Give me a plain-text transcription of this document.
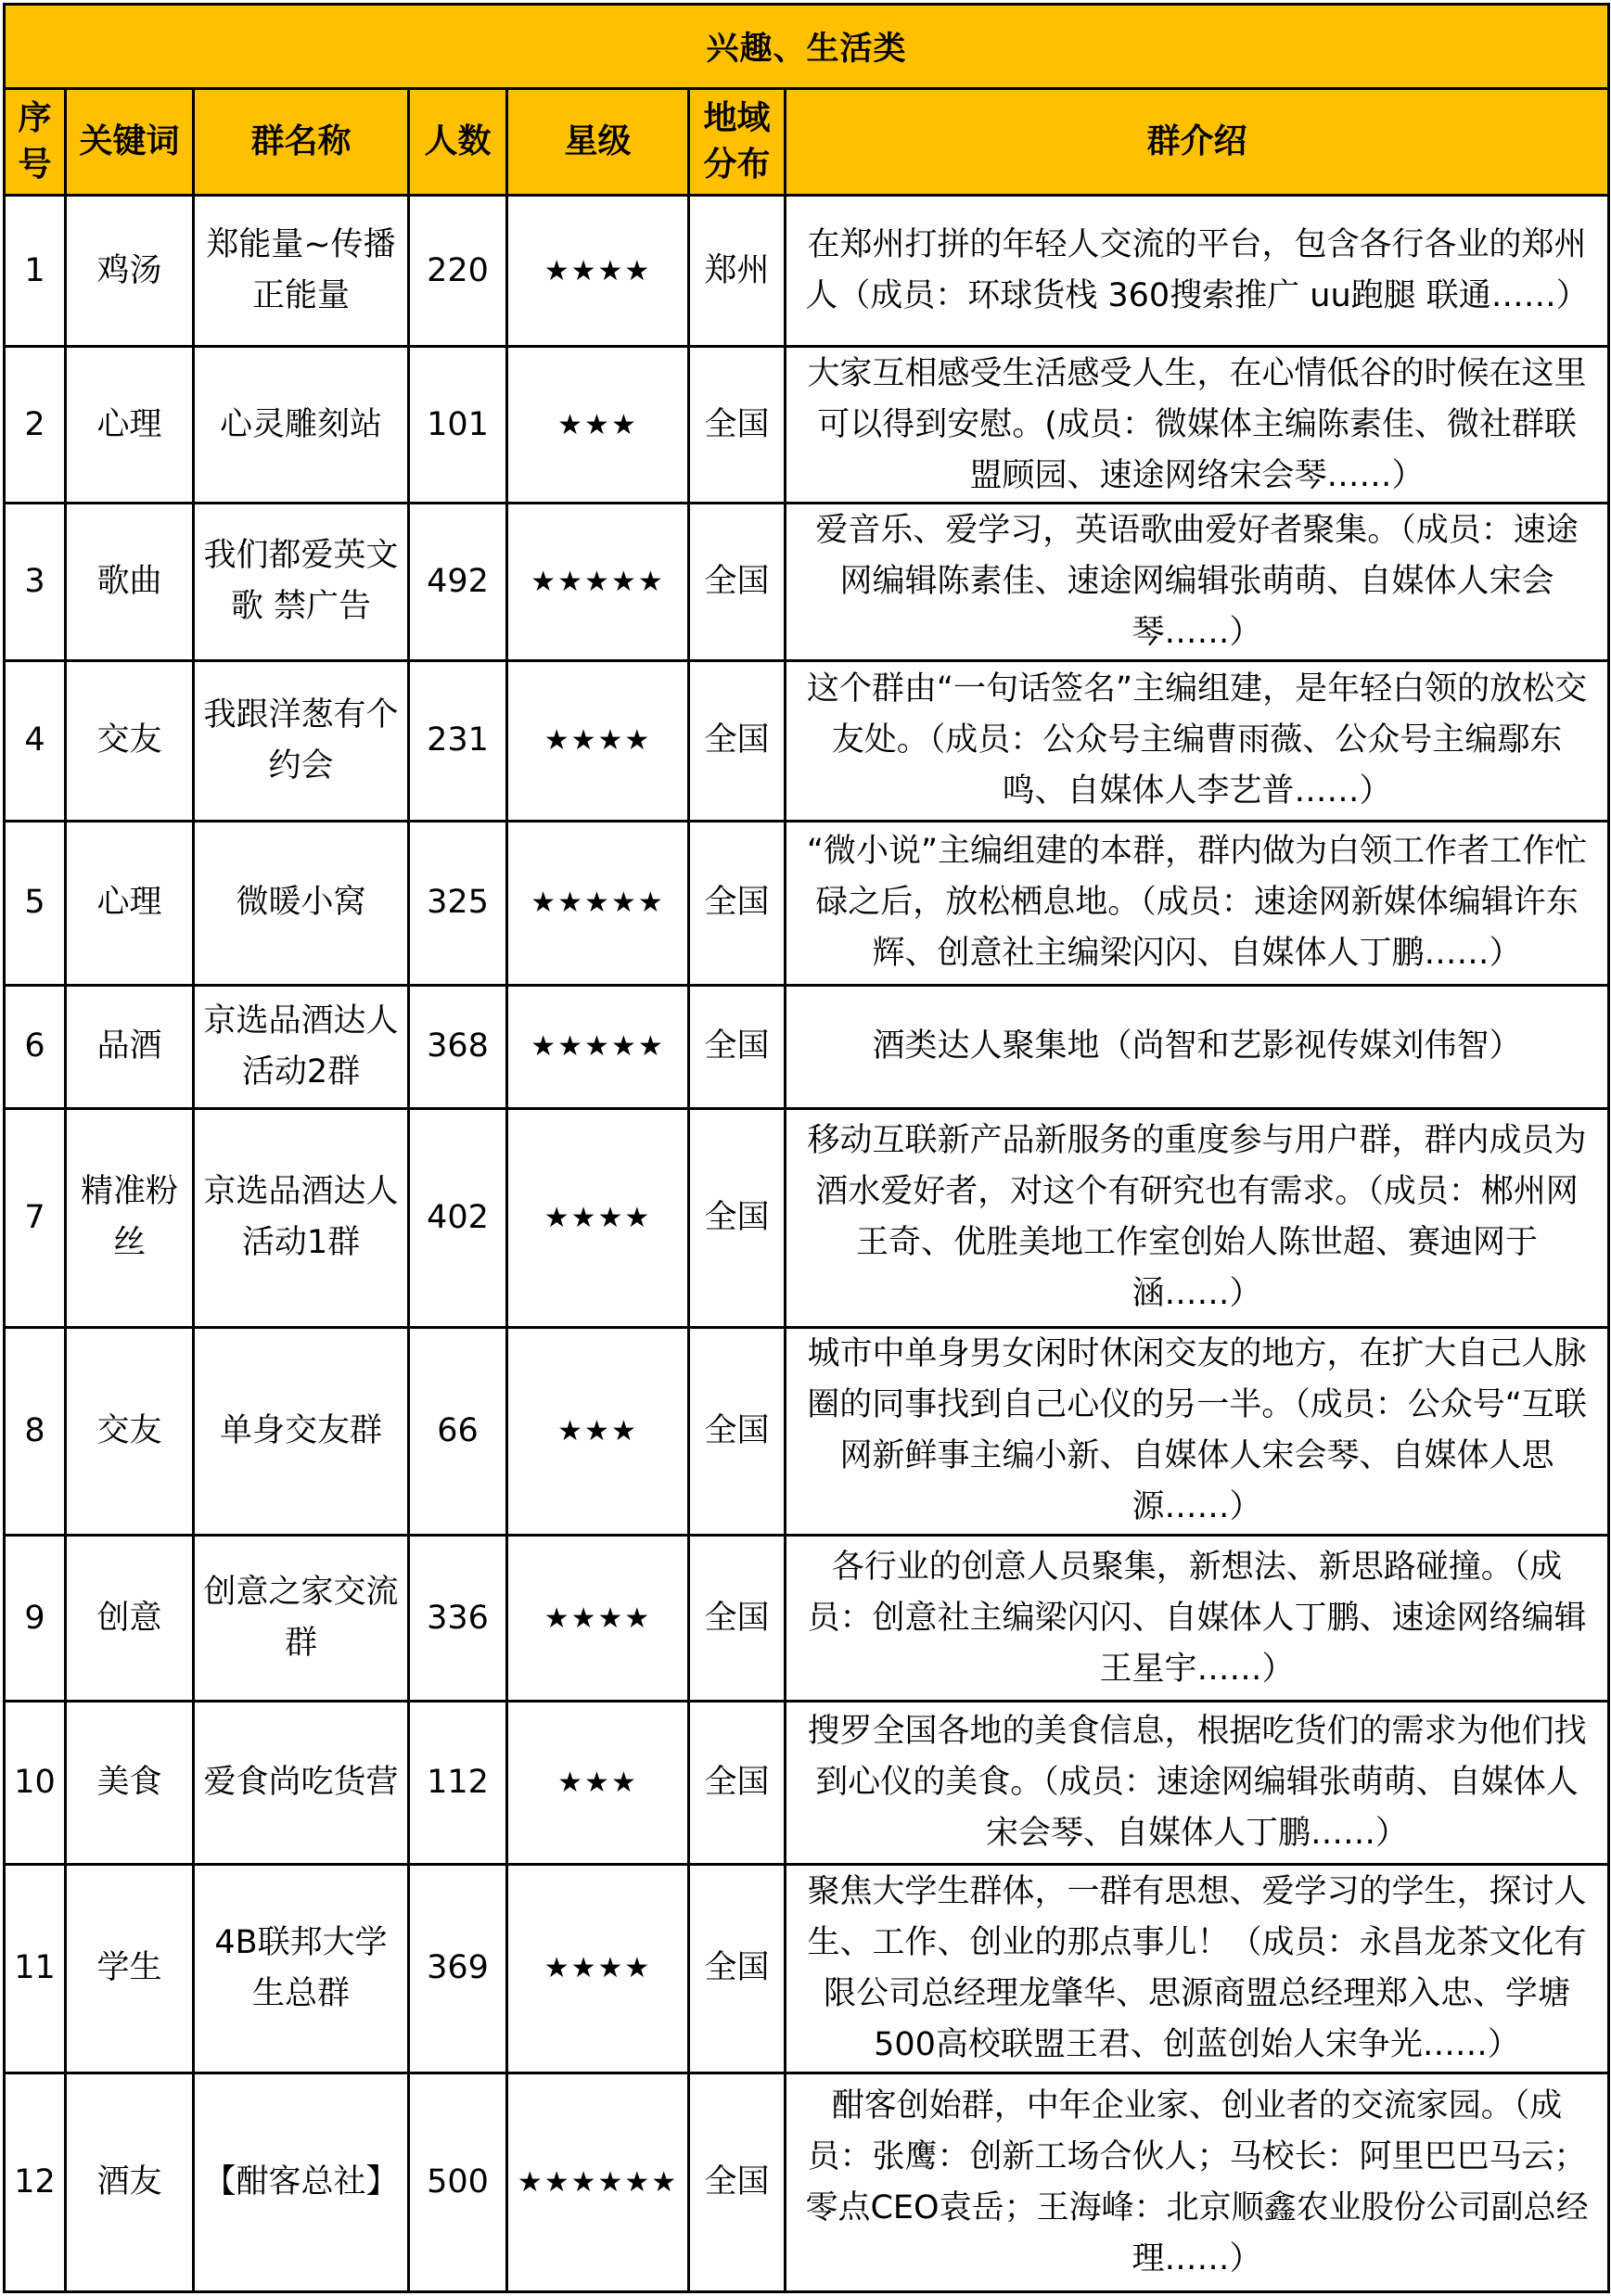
兴趣、生活类						
序号	关键词	群名称	人数	星级	地域分布	群介绍
1	鸡汤	郑能量~传播正能量	220	★★★★	郑州	在郑州打拼的年轻人交流的平台，包含各行各业的郑州人（成员：环球货栈 360搜索推广 uu跑腿 联通……）
2	心理	心灵雕刻站	101	★★★	全国	大家互相感受生活感受人生，在心情低谷的时候在这里可以得到安慰。(成员：微媒体主编陈素佳、微社群联盟顾园、速途网络宋会琴……）
3	歌曲	我们都爱英文歌 禁广告	492	★★★★★	全国	爱音乐、爱学习，英语歌曲爱好者聚集。（成员：速途网编辑陈素佳、速途网编辑张萌萌、自媒体人宋会琴……）
4	交友	我跟洋葱有个约会	231	★★★★	全国	这个群由“一句话签名”主编组建，是年轻白领的放松交友处。（成员：公众号主编曹雨薇、公众号主编鄢东鸣、自媒体人李艺普……）
5	心理	微暖小窝	325	★★★★★	全国	“微小说”主编组建的本群，群内做为白领工作者工作忙碌之后，放松栖息地。（成员：速途网新媒体编辑许东辉、创意社主编梁闪闪、自媒体人丁鹏……）
6	品酒	京选品酒达人活动2群	368	★★★★★	全国	酒类达人聚集地（尚智和艺影视传媒刘伟智）
7	精准粉丝	京选品酒达人活动1群	402	★★★★	全国	移动互联新产品新服务的重度参与用户群，群内成员为酒水爱好者，对这个有研究也有需求。（成员：郴州网王奇、优胜美地工作室创始人陈世超、赛迪网于涵……）
8	交友	单身交友群	66	★★★	全国	城市中单身男女闲时休闲交友的地方，在扩大自己人脉圈的同事找到自己心仪的另一半。（成员：公众号“互联网新鲜事主编小新、自媒体人宋会琴、自媒体人思源……）
9	创意	创意之家交流群	336	★★★★	全国	各行业的创意人员聚集，新想法、新思路碰撞。（成员：创意社主编梁闪闪、自媒体人丁鹏、速途网络编辑王星宇……）
10	美食	爱食尚吃货营	112	★★★	全国	搜罗全国各地的美食信息，根据吃货们的需求为他们找到心仪的美食。（成员：速途网编辑张萌萌、自媒体人宋会琴、自媒体人丁鹏……）
11	学生	4B联邦大学生总群	369	★★★★	全国	聚焦大学生群体，一群有思想、爱学习的学生，探讨人生、工作、创业的那点事儿！（成员：永昌龙茶文化有限公司总经理龙肇华、思源商盟总经理郑入忠、学塘500高校联盟王君、创蓝创始人宋争光……）
12	酒友	【酣客总社】	500	★★★★★★	全国	酣客创始群，中年企业家、创业者的交流家园。（成员：张鹰：创新工场合伙人；马校长：阿里巴巴马云；零点CEO袁岳；王海峰：北京顺鑫农业股份公司副总经理……）
